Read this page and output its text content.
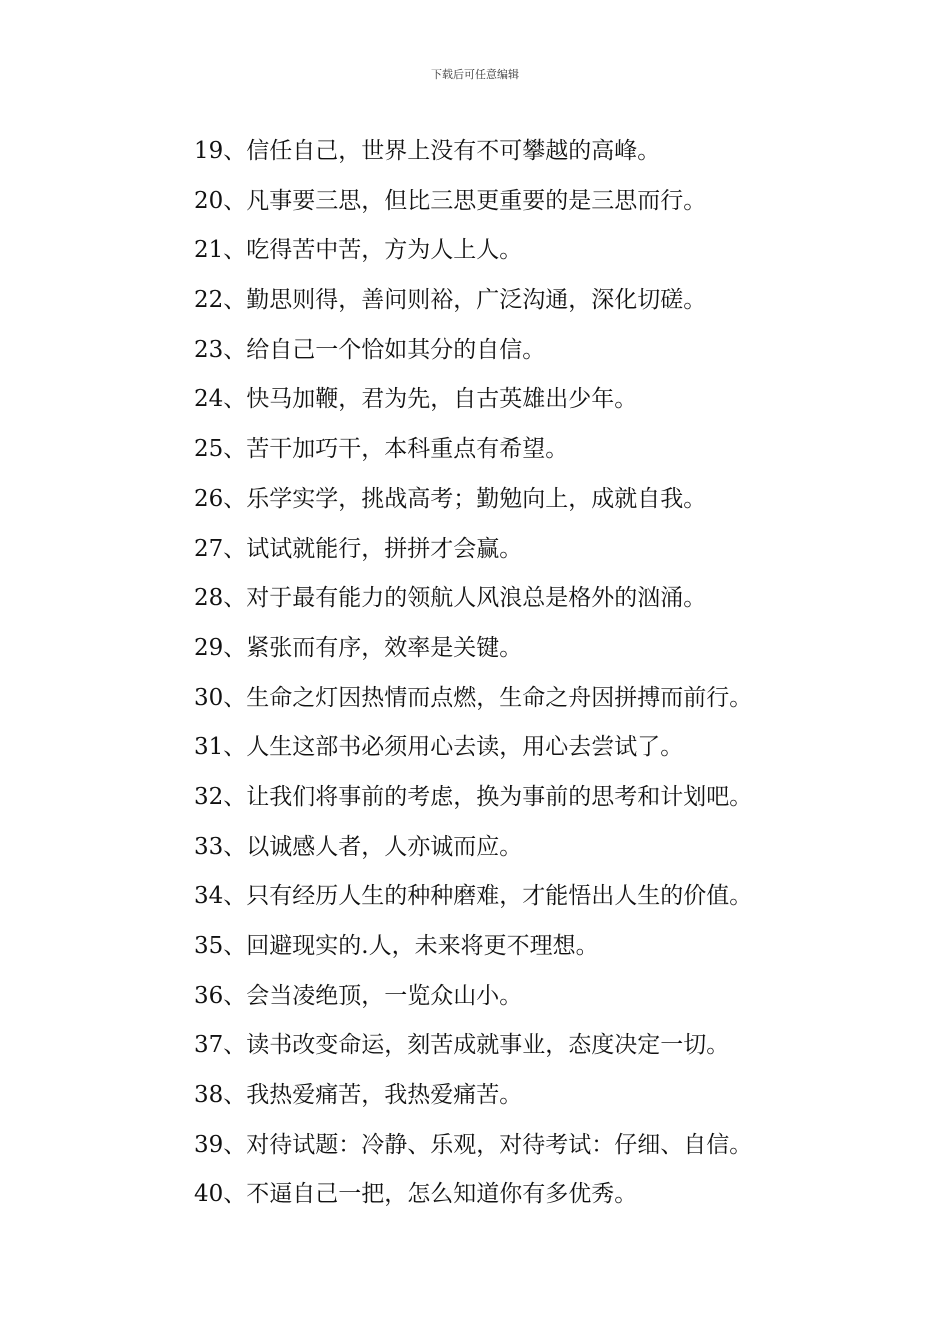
下载后可任意编辑
19、信任自己，世界上没有不可攀越的高峰。
20、凡事要三思，但比三思更重要的是三思而行。
21、吃得苦中苦，方为人上人。
22、勤思则得，善问则裕，广泛沟通，深化切磋。
23、给自己一个恰如其分的自信。
24、快马加鞭，君为先，自古英雄出少年。
25、苦干加巧干，本科重点有希望。
26、乐学实学，挑战高考；勤勉向上，成就自我。
27、试试就能行，拼拼才会赢。
28、对于最有能力的领航人风浪总是格外的汹涌。
29、紧张而有序，效率是关键。
30、生命之灯因热情而点燃，生命之舟因拼搏而前行。
31、人生这部书必须用心去读，用心去尝试了。
32、让我们将事前的考虑，换为事前的思考和计划吧。
33、以诚感人者，人亦诚而应。
34、只有经历人生的种种磨难，才能悟出人生的价值。
35、回避现实的.人，未来将更不理想。
36、会当凌绝顶，一览众山小。
37、读书改变命运，刻苦成就事业，态度决定一切。
38、我热爱痛苦，我热爱痛苦。
39、对待试题：冷静、乐观，对待考试：仔细、自信。
40、不逼自己一把，怎么知道你有多优秀。
